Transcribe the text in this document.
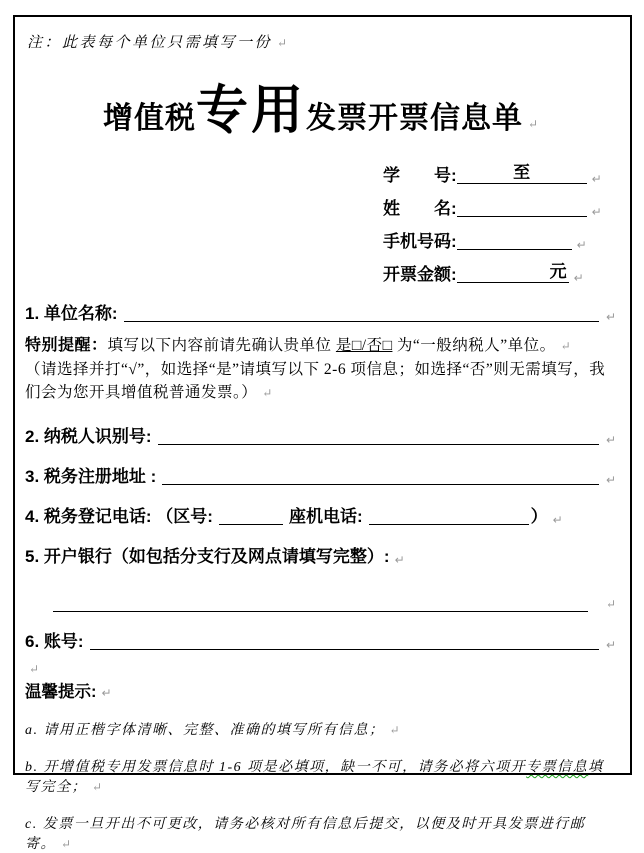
注：此表每个单位只需填写一份 ↵
增值税专用发票开票信息单 ↵
学　　号:	至	↵
姓　　名:	↵
手机号码:	↵
开票金额:	元 ↵
1. 单位名称:	↵
特别提醒：填写以下内容前请先确认贵单位 是□/否□ 为“一般纳税人”单位。 ↵
（请选择并打“√”，如选择“是”请填写以下 2-6 项信息；如选择“否”则无需填写，我们会为您开具增值税普通发票。） ↵
2. 纳税人识别号:	↵
3. 税务注册地址 :	↵
4. 税务登记电话: （区号:	座机电话:	） ↵
5. 开户银行（如包括分支行及网点请填写完整）: ↵
↵
6. 账号:	↵
↵
温馨提示: ↵
a. 请用正楷字体清晰、完整、准确的填写所有信息； ↵
b. 开增值税专用发票信息时 1-6 项是必填项，缺一不可，请务必将六项开专票信息填写完全； ↵
c. 发票一旦开出不可更改，请务必核对所有信息后提交，以便及时开具发票进行邮寄。 ↵
